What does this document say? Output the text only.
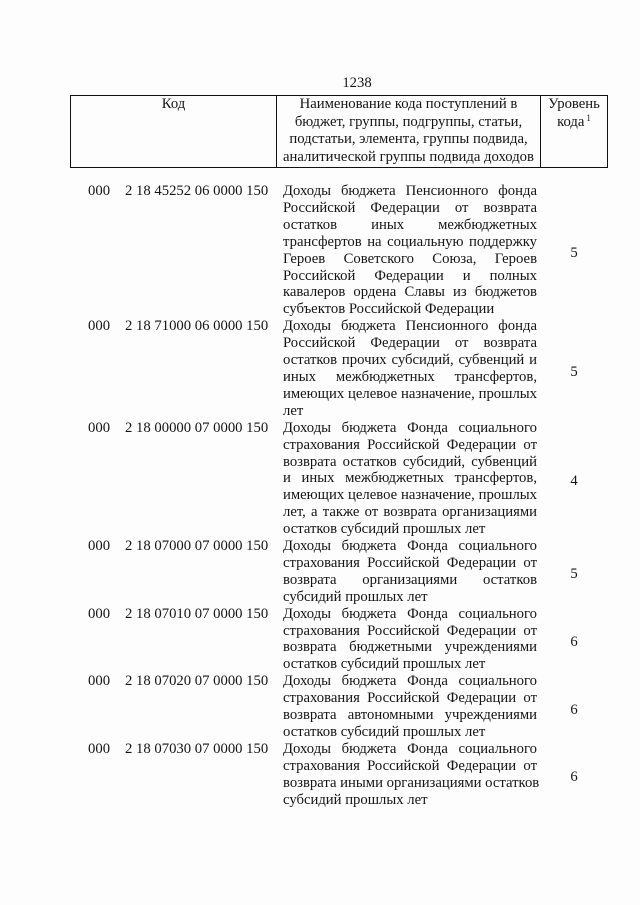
1238
Код	Наименование кода поступлений в
бюджет, группы, подгруппы, статьи,
подстатьи, элемента, группы подвида,
аналитической группы подвида доходов
Уровень
кода $^1$
000 2 18 45252 06 0000 150 Доходы бюджета Пенсионного фонда
Российской Федерации от возврата
остатков иных межбюджетных
трансфертов на социальную поддержку
Героев Советского Союза, Героев
Российской Федерации и полных
кавалеров ордена Славы из бюджетов
субъектов Российской Федерации
5
000 2 18 71000 06 0000 150 Доходы бюджета Пенсионного фонда
Российской Федерации от возврата
остатков прочих субсидий, субвенций и
иных межбюджетных трансфертов,
имеющих целевое назначение, прошлых
лет
5
000 2 18 00000 07 0000 150 Доходы бюджета Фонда социального
страхования Российской Федерации от
возврата остатков субсидий, субвенций
и иных межбюджетных трансфертов,
имеющих целевое назначение, прошлых
лет, а также от возврата организациями
остатков субсидий прошлых лет
4
000 2 18 07000 07 0000 150 Доходы бюджета Фонда социального
страхования Российской Федерации от
возврата организациями остатков
субсидий прошлых лет
5
000 2 18 07010 07 0000 150 Доходы бюджета Фонда социального
страхования Российской Федерации от
возврата бюджетными учреждениями
остатков субсидий прошлых лет
6
000 2 18 07020 07 0000 150 Доходы бюджета Фонда социального
страхования Российской Федерации от
возврата автономными учреждениями
остатков субсидий прошлых лет
6
000 2 18 07030 07 0000 150 Доходы бюджета Фонда социального
страхования Российской Федерации от
возврата иными организациями остатков
субсидий прошлых лет
6
